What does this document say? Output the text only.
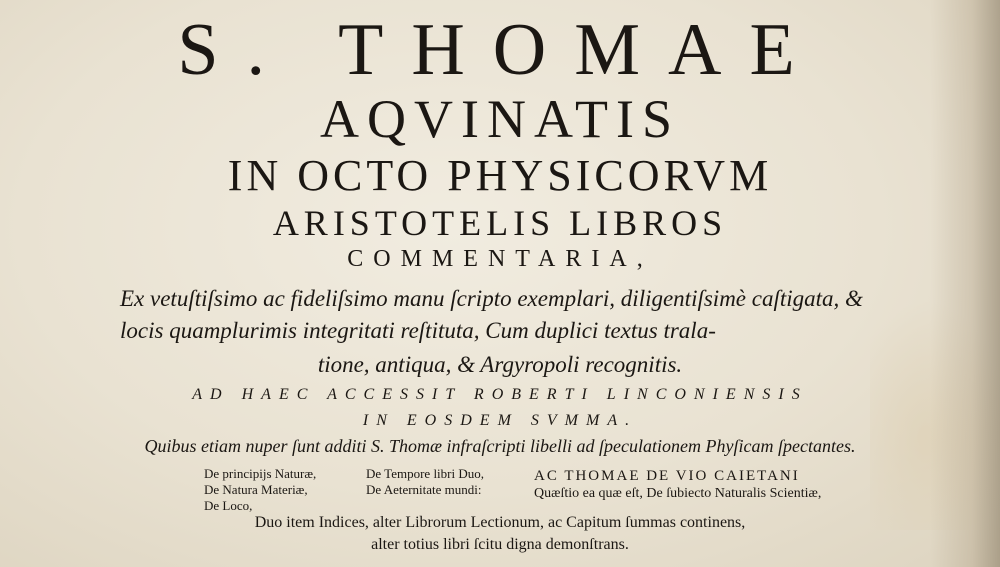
S. THOMAE
AQVINATIS
IN OCTO PHYSICORVM
ARISTOTELIS LIBROS
COMMENTARIA,
Ex vetuſtiſsimo ac fideliſsimo manu ſcripto exemplari, diligentiſsimè caſtigata, &
locis quamplurimis integritati reſtituta, Cum duplici textus trala-
tione, antiqua, & Argyropoli recognitis.
AD HAEC ACCESSIT ROBERTI LINCONIENSIS
IN EOSDEM SVMMA.
Quibus etiam nuper ſunt additi S. Thomæ infraſcripti libelli ad ſpeculationem Phyſicam ſpectantes.
De principijs Naturæ,
De Natura Materiæ,
De Loco,
De Tempore libri Duo,
De Aeternitate mundi:
AC THOMAE DE VIO CAIETANI
Quæſtio ea quæ eſt, De ſubiecto Naturalis Scientiæ,
Duo item Indices, alter Librorum Lectionum, ac Capitum ſummas continens,
alter totius libri ſcitu digna demonſtrans.
